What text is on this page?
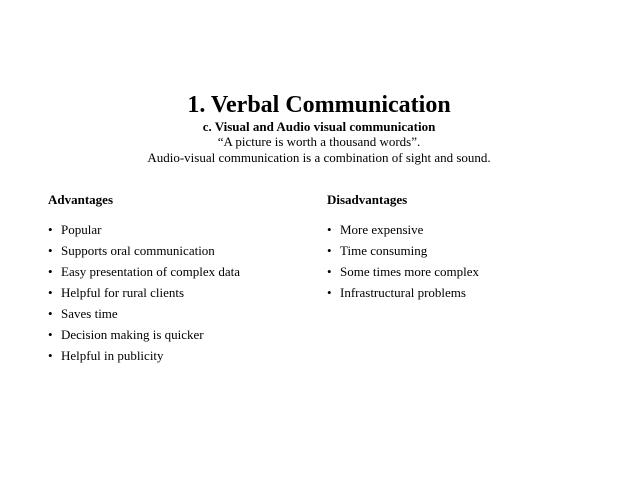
1. Verbal Communication

c. Visual and Audio visual communication

“A picture is worth a thousand words”.

Audio-visual communication is a combination of sight and sound.

Advantages
• Popular
• Supports oral communication
• Easy presentation of complex data
• Helpful for rural clients
• Saves time
• Decision making is quicker
• Helpful in publicity
Disadvantages
• More expensive
• Time consuming
• Some times more complex
• Infrastructural problems
